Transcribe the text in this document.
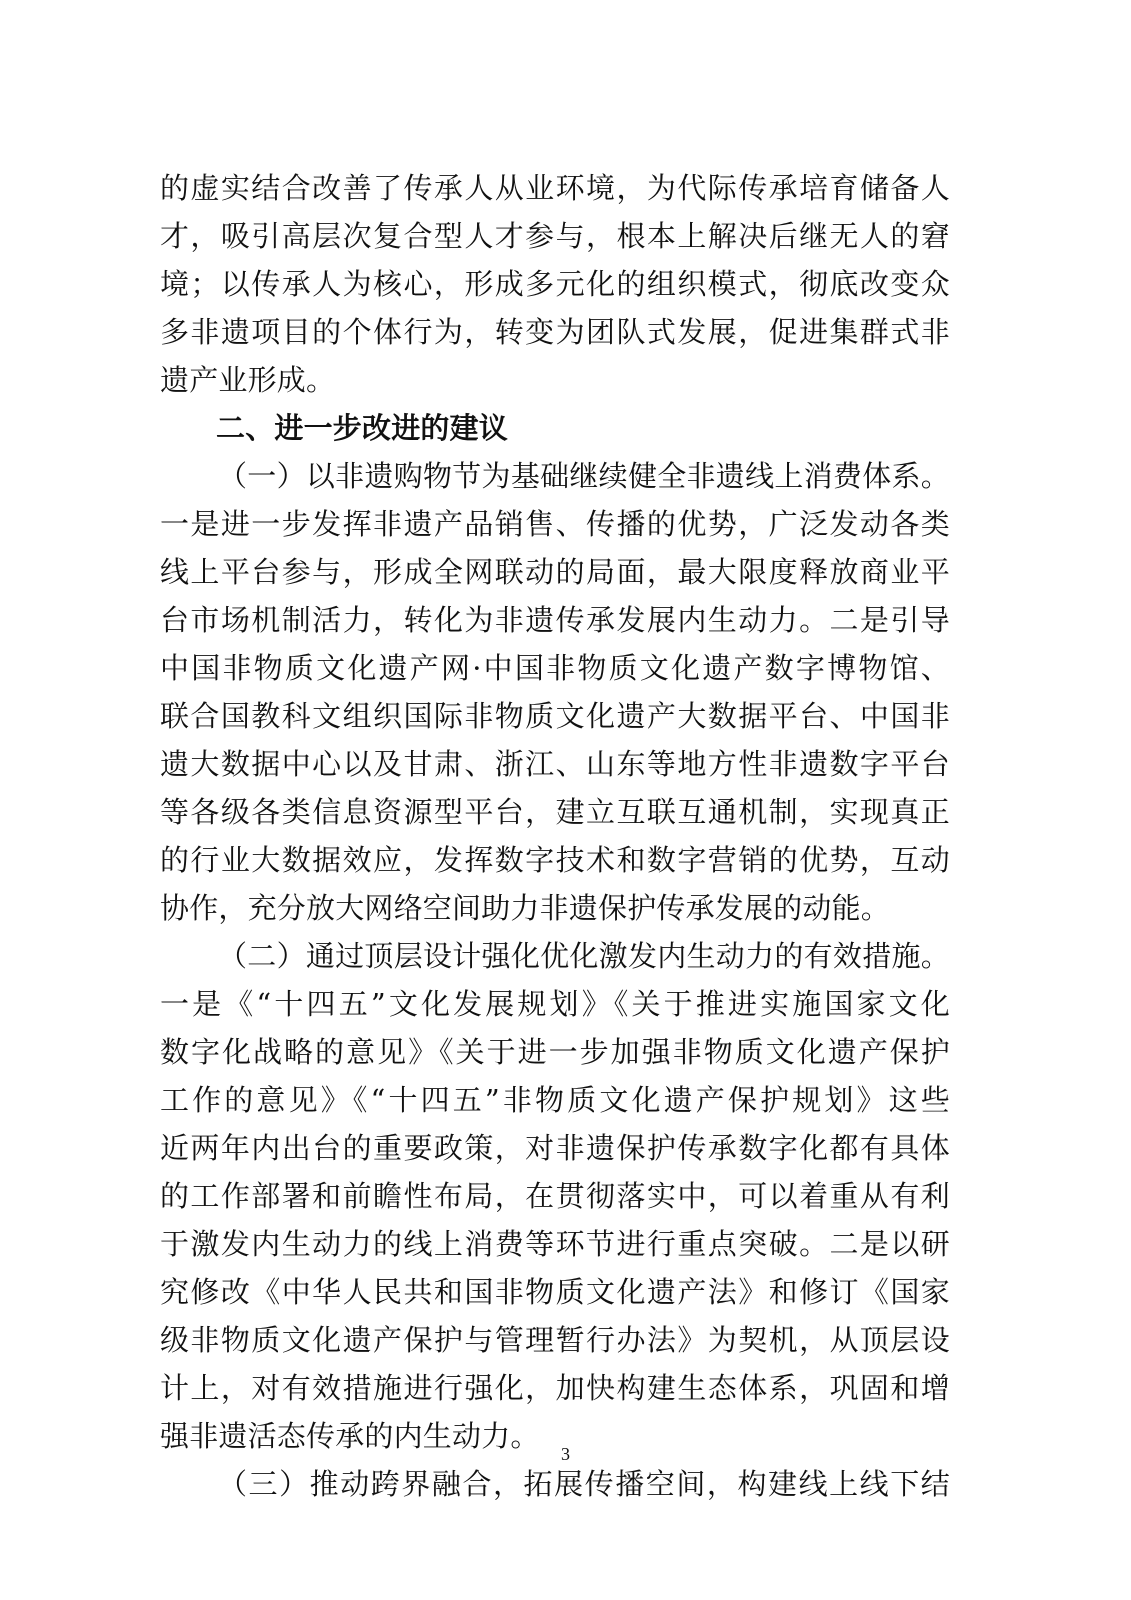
的虚实结合改善了传承人从业环境，为代际传承培育储备人
才，吸引高层次复合型人才参与，根本上解决后继无人的窘
境；以传承人为核心，形成多元化的组织模式，彻底改变众
多非遗项目的个体行为，转变为团队式发展，促进集群式非
遗产业形成。
二、进一步改进的建议
（一）以非遗购物节为基础继续健全非遗线上消费体系。
一是进一步发挥非遗产品销售、传播的优势，广泛发动各类
线上平台参与，形成全网联动的局面，最大限度释放商业平
台市场机制活力，转化为非遗传承发展内生动力。二是引导
中国非物质文化遗产网·中国非物质文化遗产数字博物馆、
联合国教科文组织国际非物质文化遗产大数据平台、中国非
遗大数据中心以及甘肃、浙江、山东等地方性非遗数字平台
等各级各类信息资源型平台，建立互联互通机制，实现真正
的行业大数据效应，发挥数字技术和数字营销的优势，互动
协作，充分放大网络空间助力非遗保护传承发展的动能。
（二）通过顶层设计强化优化激发内生动力的有效措施。
一是《“十四五”文化发展规划》《关于推进实施国家文化
数字化战略的意见》《关于进一步加强非物质文化遗产保护
工作的意见》《“十四五”非物质文化遗产保护规划》这些
近两年内出台的重要政策，对非遗保护传承数字化都有具体
的工作部署和前瞻性布局，在贯彻落实中，可以着重从有利
于激发内生动力的线上消费等环节进行重点突破。二是以研
究修改《中华人民共和国非物质文化遗产法》和修订《国家
级非物质文化遗产保护与管理暂行办法》为契机，从顶层设
计上，对有效措施进行强化，加快构建生态体系，巩固和增
强非遗活态传承的内生动力。
（三）推动跨界融合，拓展传播空间，构建线上线下结
3
